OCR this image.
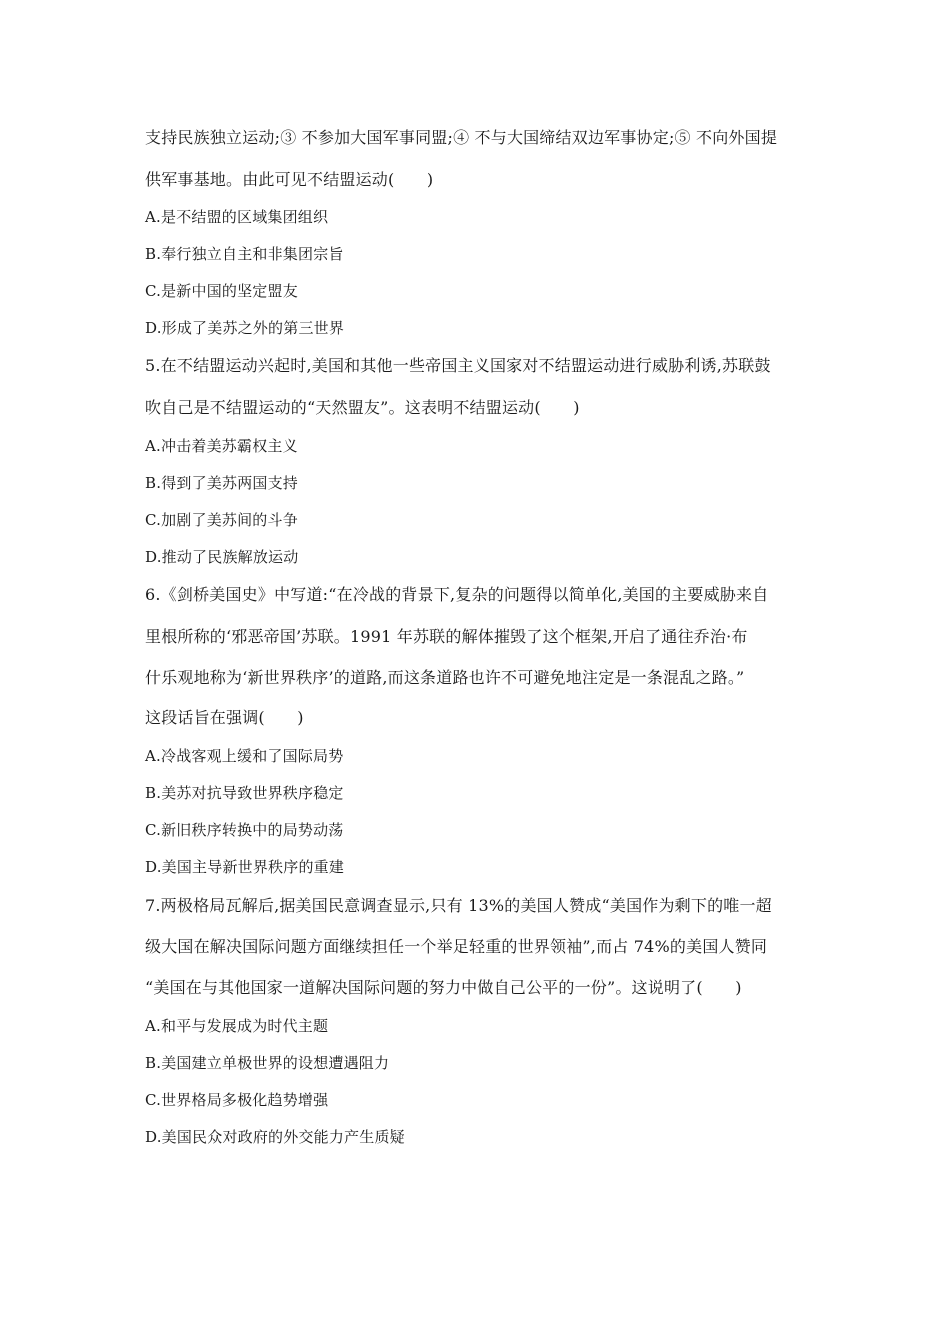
支持民族独立运动;③ 不参加大国军事同盟;④ 不与大国缔结双边军事协定;⑤ 不向外国提
供军事基地。由此可见不结盟运动(　　)
A.是不结盟的区域集团组织
B.奉行独立自主和非集团宗旨
C.是新中国的坚定盟友
D.形成了美苏之外的第三世界
5.在不结盟运动兴起时,美国和其他一些帝国主义国家对不结盟运动进行威胁利诱,苏联鼓
吹自己是不结盟运动的“天然盟友”。这表明不结盟运动(　　)
A.冲击着美苏霸权主义
B.得到了美苏两国支持
C.加剧了美苏间的斗争
D.推动了民族解放运动
6.《剑桥美国史》中写道:“在冷战的背景下,复杂的问题得以简单化,美国的主要威胁来自
里根所称的‘邪恶帝国’苏联。1991 年苏联的解体摧毁了这个框架,开启了通往乔治·布
什乐观地称为‘新世界秩序’的道路,而这条道路也许不可避免地注定是一条混乱之路。”
这段话旨在强调(　　)
A.冷战客观上缓和了国际局势
B.美苏对抗导致世界秩序稳定
C.新旧秩序转换中的局势动荡
D.美国主导新世界秩序的重建
7.两极格局瓦解后,据美国民意调查显示,只有 13%的美国人赞成“美国作为剩下的唯一超
级大国在解决国际问题方面继续担任一个举足轻重的世界领袖”,而占 74%的美国人赞同
“美国在与其他国家一道解决国际问题的努力中做自己公平的一份”。这说明了(　　)
A.和平与发展成为时代主题
B.美国建立单极世界的设想遭遇阻力
C.世界格局多极化趋势增强
D.美国民众对政府的外交能力产生质疑
